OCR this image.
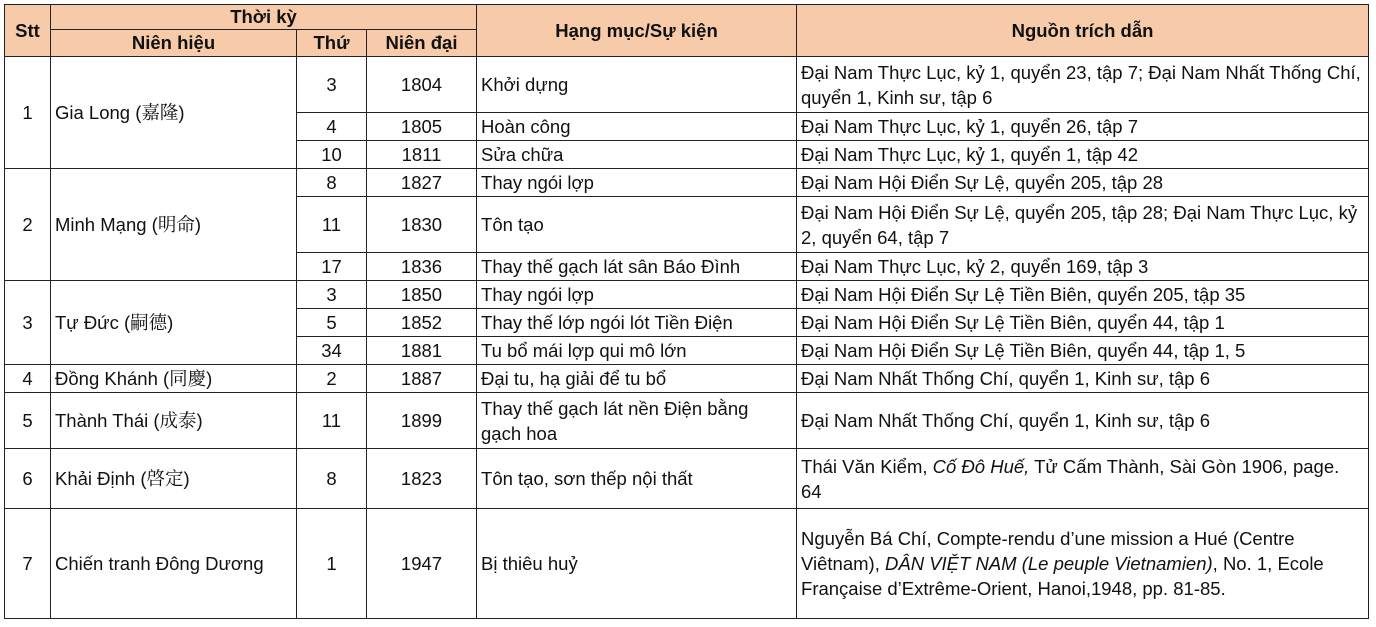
Stt	Thời kỳ			Hạng mục/Sự kiện	Nguồn trích dẫn
	Niên hiệu	Thứ	Niên đại		
1	Gia Long (嘉隆)	3	1804	Khởi dựng	Đại Nam Thực Lục, kỷ 1, quyển 23, tập 7; Đại Nam Nhất Thống Chí, quyển 1, Kinh sư, tập 6
		4	1805	Hoàn công	Đại Nam Thực Lục, kỷ 1, quyển 26, tập 7
		10	1811	Sửa chữa	Đại Nam Thực Lục, kỷ 1, quyển 1, tập 42
2	Minh Mạng (明命)	8	1827	Thay ngói lợp	Đại Nam Hội Điển Sự Lệ, quyển 205, tập 28
		11	1830	Tôn tạo	Đại Nam Hội Điển Sự Lệ, quyển 205, tập 28; Đại Nam Thực Lục, kỷ 2, quyển 64, tập 7
		17	1836	Thay thế gạch lát sân Báo Đình	Đại Nam Thực Lục, kỷ 2, quyển 169, tập 3
3	Tự Đức (嗣德)	3	1850	Thay ngói lợp	Đại Nam Hội Điển Sự Lệ Tiền Biên, quyển 205, tập 35
		5	1852	Thay thế lớp ngói lót Tiền Điện	Đại Nam Hội Điển Sự Lệ Tiền Biên, quyển 44, tập 1
		34	1881	Tu bổ mái lợp qui mô lớn	Đại Nam Hội Điển Sự Lệ Tiền Biên, quyển 44, tập 1, 5
4	Đồng Khánh (同慶)	2	1887	Đại tu, hạ giải để tu bổ	Đại Nam Nhất Thống Chí, quyển 1, Kinh sư, tập 6
5	Thành Thái (成泰)	11	1899	Thay thế gạch lát nền Điện bằng gạch hoa	Đại Nam Nhất Thống Chí, quyển 1, Kinh sư, tập 6
6	Khải Định (啓定)	8	1823	Tôn tạo, sơn thếp nội thất	Thái Văn Kiểm, Cố Đô Huế, Tử Cấm Thành, Sài Gòn 1906, page. 64
7	Chiến tranh Đông Dương	1	1947	Bị thiêu huỷ	Nguyễn Bá Chí, Compte-rendu d’une mission a Hué (Centre Viêtnam), DÂN VIỆT NAM (Le peuple Vietnamien), No. 1, Ecole Française d’Extrême-Orient, Hanoi,1948, pp. 81-85.
